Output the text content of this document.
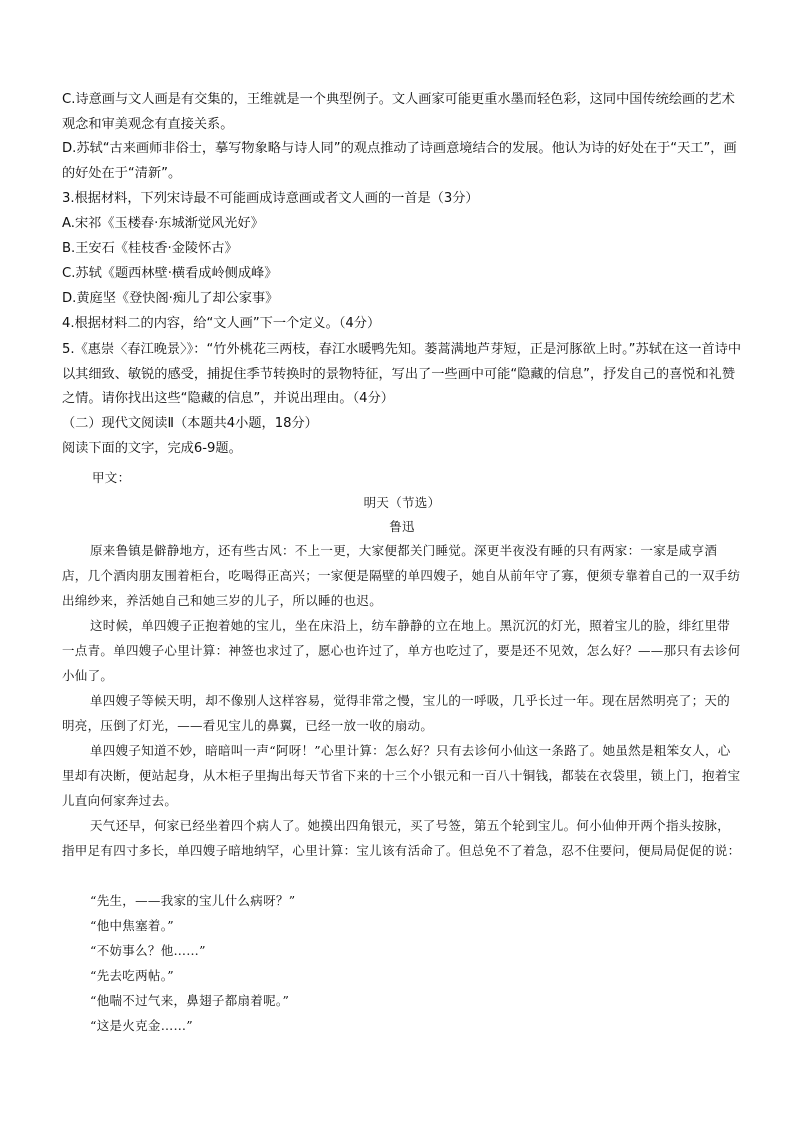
C.诗意画与文人画是有交集的，王维就是一个典型例子。文人画家可能更重水墨而轻色彩，这同中国传统绘画的艺术观念和审美观念有直接关系。

D.苏轼“古来画师非俗士，摹写物象略与诗人同”的观点推动了诗画意境结合的发展。他认为诗的好处在于“天工”，画的好处在于“清新”。

3.根据材料，下列宋诗最不可能画成诗意画或者文人画的一首是（3分）

A.宋祁《玉楼春·东城渐觉风光好》

B.王安石《桂枝香·金陵怀古》

C.苏轼《题西林壁·横看成岭侧成峰》

D.黄庭坚《登快阁·痴儿了却公家事》

4.根据材料二的内容，给“文人画”下一个定义。（4分）

5.《惠崇〈春江晚景〉》：“竹外桃花三两枝，春江水暖鸭先知。蒌蒿满地芦芽短，正是河豚欲上时。”苏轼在这一首诗中以其细致、敏锐的感受，捕捉住季节转换时的景物特征，写出了一些画中可能“隐藏的信息”，抒发自己的喜悦和礼赞之情。请你找出这些“隐藏的信息”，并说出理由。（4分）

（二）现代文阅读Ⅱ（本题共4小题，18分）

阅读下面的文字，完成6-9题。

甲文：

明天（节选）

鲁迅

原来鲁镇是僻静地方，还有些古风：不上一更，大家便都关门睡觉。深更半夜没有睡的只有两家：一家是咸亨酒店，几个酒肉朋友围着柜台，吃喝得正高兴；一家便是隔壁的单四嫂子，她自从前年守了寡，便须专靠着自己的一双手纺出绵纱来，养活她自己和她三岁的儿子，所以睡的也迟。

这时候，单四嫂子正抱着她的宝儿，坐在床沿上，纺车静静的立在地上。黑沉沉的灯光，照着宝儿的脸，绯红里带一点青。单四嫂子心里计算：神签也求过了，愿心也许过了，单方也吃过了，要是还不见效，怎么好？——那只有去诊何小仙了。

单四嫂子等候天明，却不像别人这样容易，觉得非常之慢，宝儿的一呼吸，几乎长过一年。现在居然明亮了；天的明亮，压倒了灯光，——看见宝儿的鼻翼，已经一放一收的扇动。

单四嫂子知道不妙，暗暗叫一声“阿呀！”心里计算：怎么好？只有去诊何小仙这一条路了。她虽然是粗笨女人，心里却有决断，便站起身，从木柜子里掏出每天节省下来的十三个小银元和一百八十铜钱，都装在衣袋里，锁上门，抱着宝儿直向何家奔过去。

天气还早，何家已经坐着四个病人了。她摸出四角银元，买了号签，第五个轮到宝儿。何小仙伸开两个指头按脉，指甲足有四寸多长，单四嫂子暗地纳罕，心里计算：宝儿该有活命了。但总免不了着急，忍不住要问，便局局促促的说：

“先生，——我家的宝儿什么病呀？”

“他中焦塞着。”

“不妨事么？他……”

“先去吃两帖。”

“他喘不过气来，鼻翅子都扇着呢。”

“这是火克金……”
